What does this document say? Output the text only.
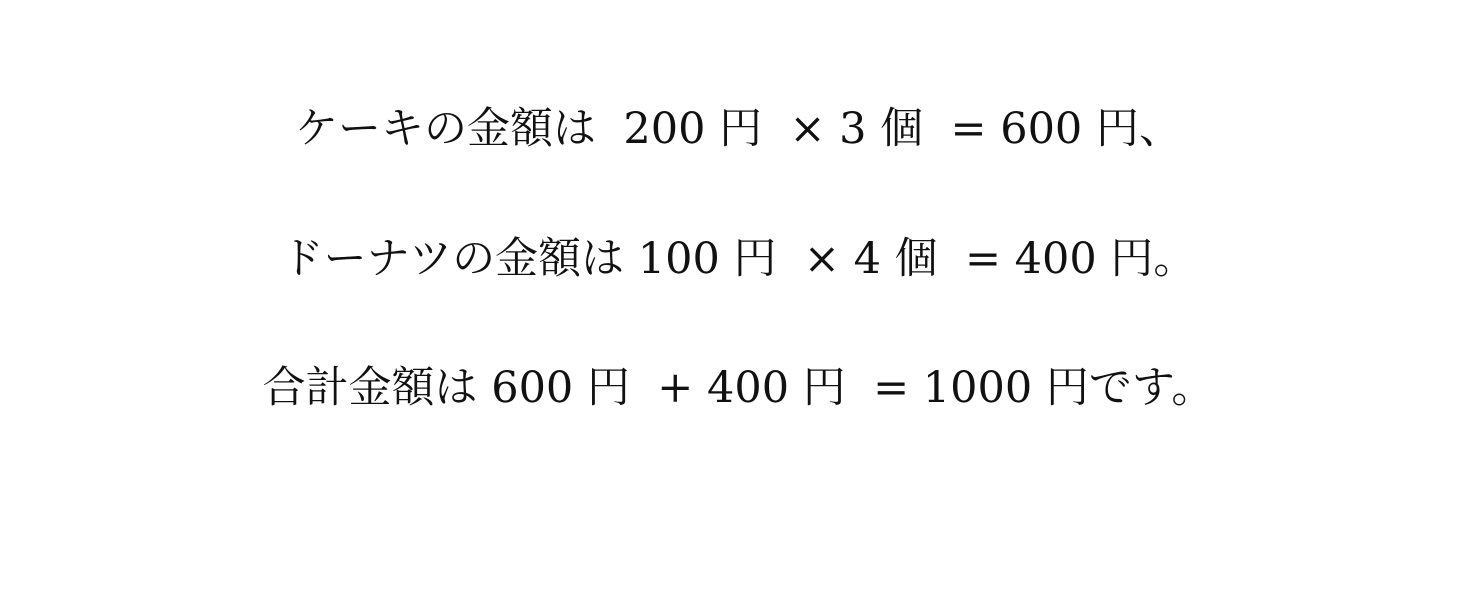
ケーキの金額は  200 円  × 3 個  = 600 円、
ドーナツの金額は 100 円  × 4 個  = 400 円。
合計金額は 600 円  + 400 円  = 1000 円です。
